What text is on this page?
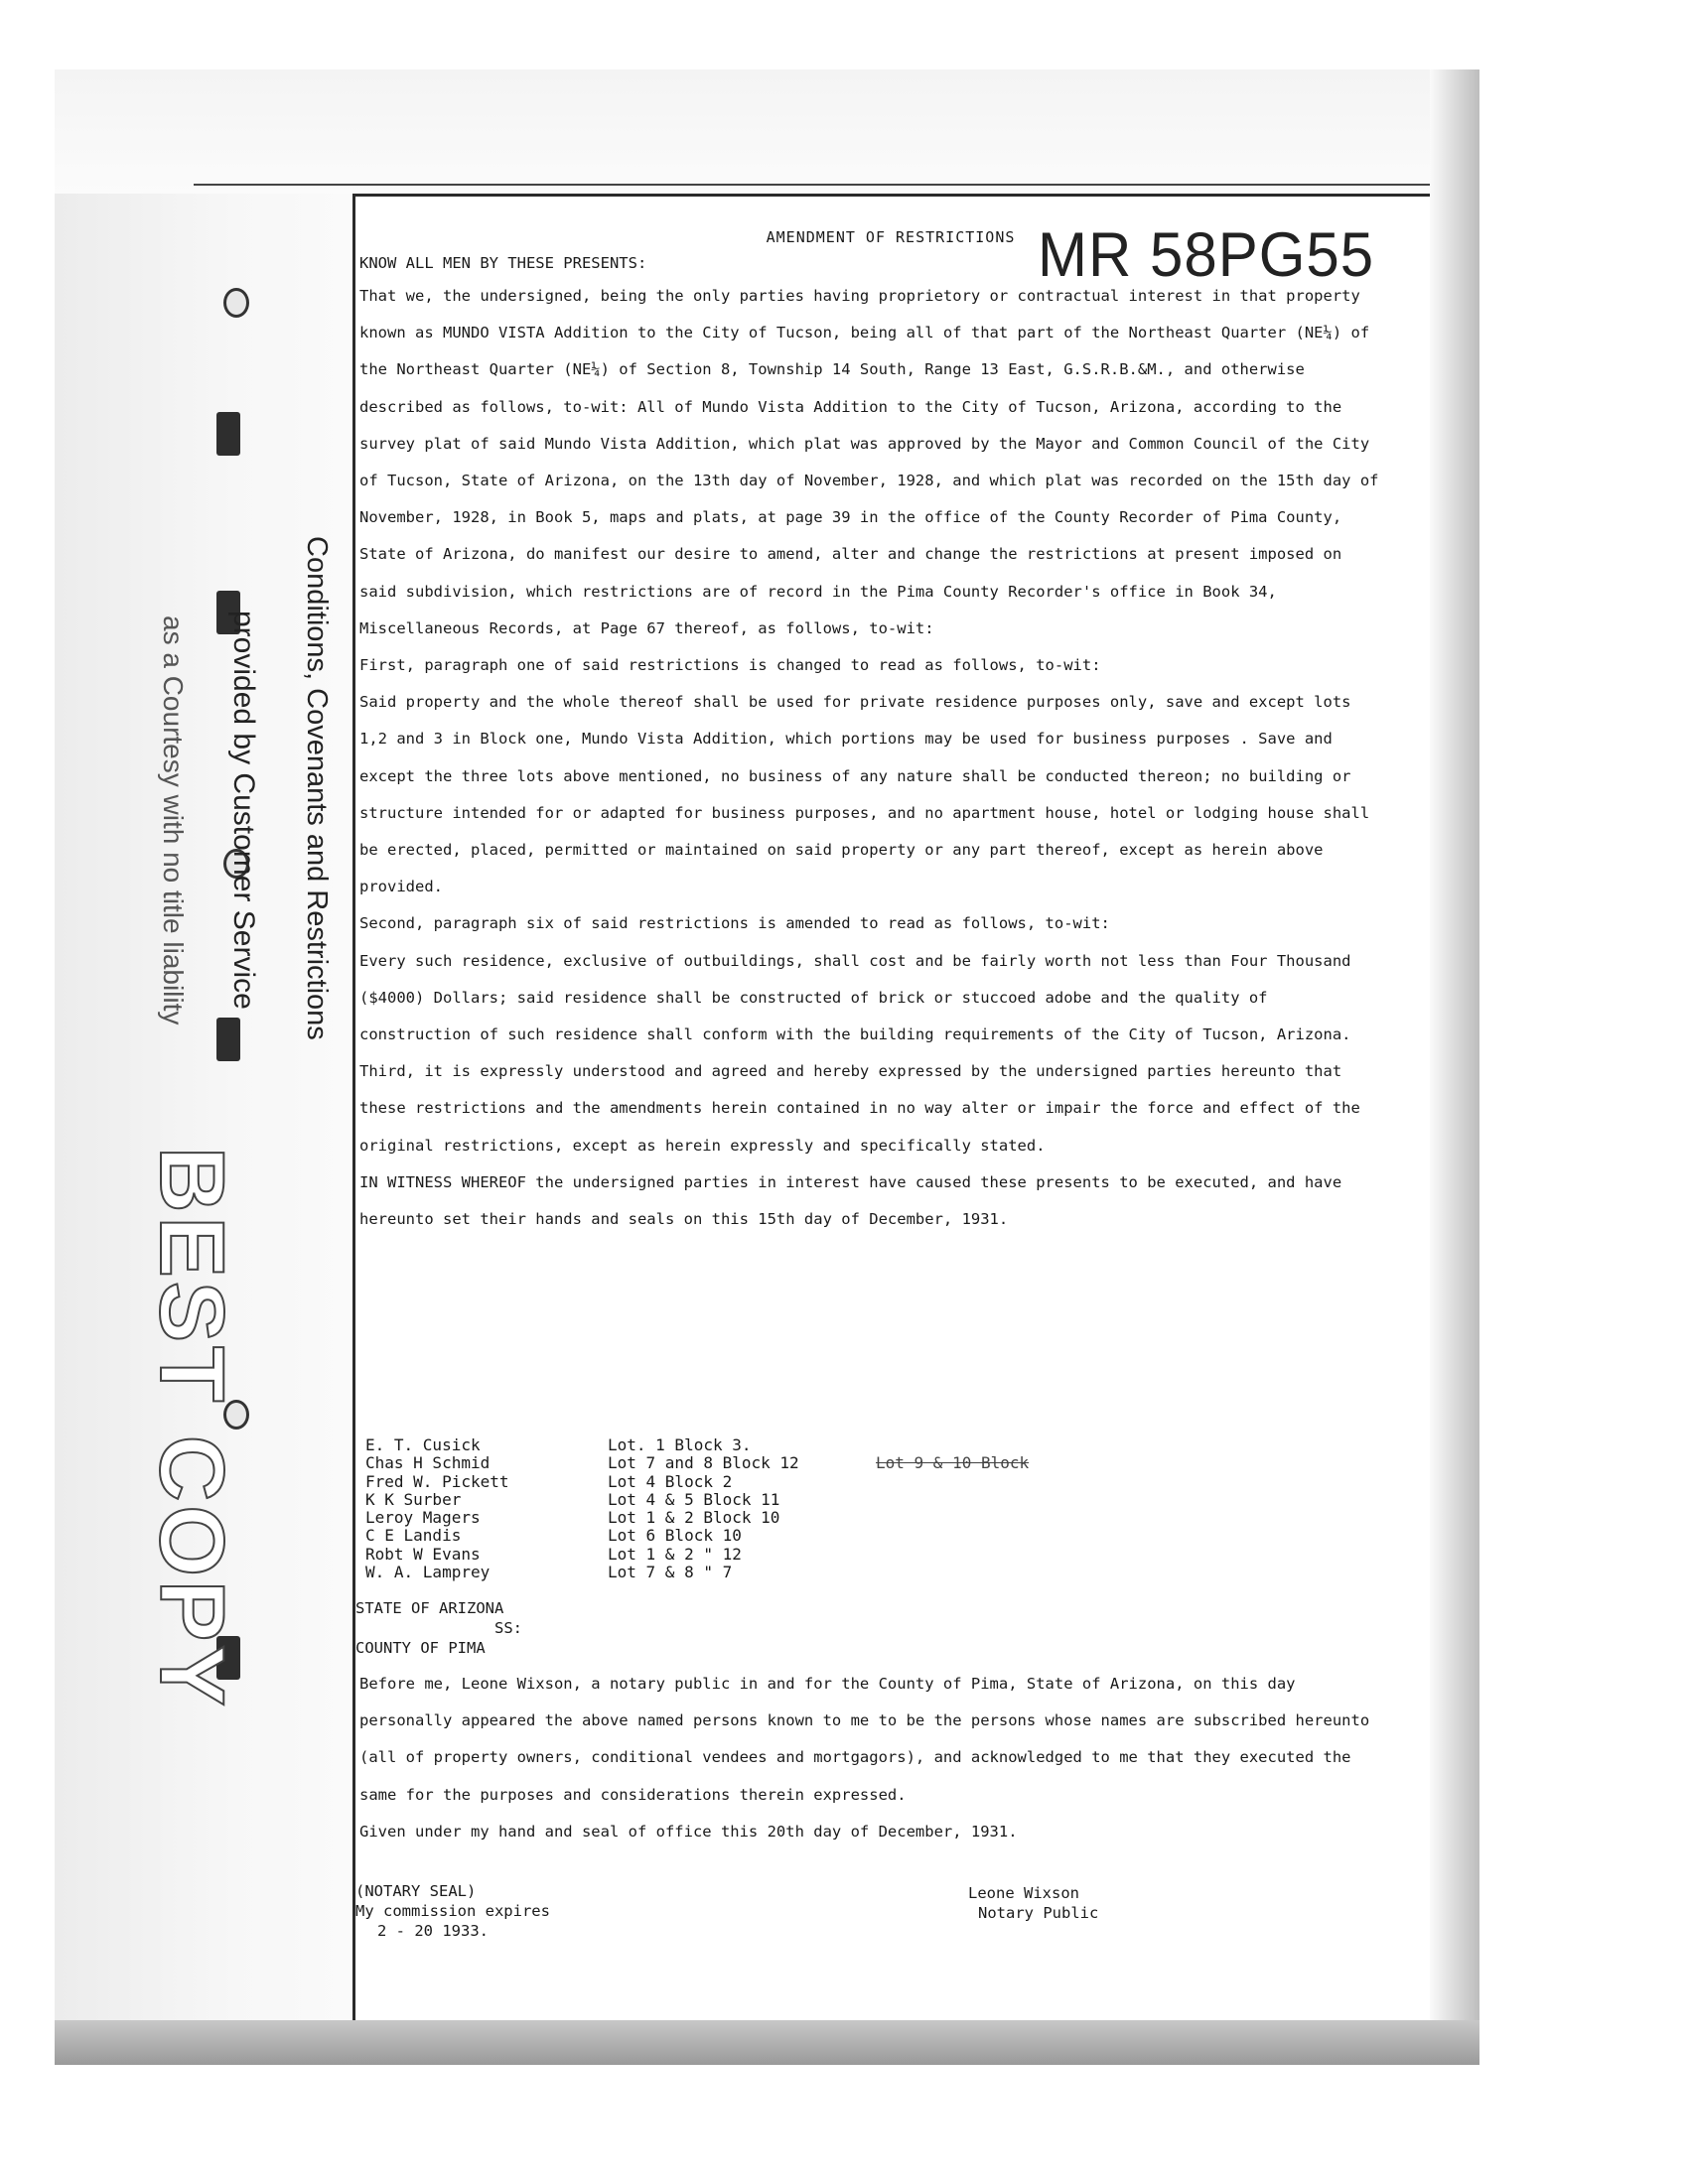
Conditions, Covenants and Restrictions
provided by Customer Service
as a Courtesy with no title liability
BEST COPY
MR 58PG55
AMENDMENT OF RESTRICTIONS
KNOW ALL MEN BY THESE PRESENTS:

That we, the undersigned, being the only parties having proprietory or contractual interest in that property known as MUNDO VISTA Addition to the City of Tucson, being all of that part of the Northeast Quarter (NE¼) of the Northeast Quarter (NE¼) of Section 8, Township 14 South, Range 13 East, G.S.R.B.&M., and otherwise described as follows, to-wit: All of Mundo Vista Addition to the City of Tucson, Arizona, according to the survey plat of said Mundo Vista Addition, which plat was approved by the Mayor and Common Council of the City of Tucson, State of Arizona, on the 13th day of November, 1928, and which plat was recorded on the 15th day of November, 1928, in Book 5, maps and plats, at page 39 in the office of the County Recorder of Pima County, State of Arizona, do manifest our desire to amend, alter and change the restrictions at present imposed on said subdivision, which restrictions are of record in the Pima County Recorder's office in Book 34, Miscellaneous Records, at Page 67 thereof, as follows, to-wit:

First, paragraph one of said restrictions is changed to read as follows, to-wit:

Said property and the whole thereof shall be used for private residence purposes only, save and except lots 1,2 and 3 in Block one, Mundo Vista Addition, which portions may be used for business purposes . Save and except the three lots above mentioned, no business of any nature shall be conducted thereon; no building or structure intended for or adapted for business purposes, and no apartment house, hotel or lodging house shall be erected, placed, permitted or maintained on said property or any part thereof, except as herein above provided.

Second, paragraph six of said restrictions is amended to read as follows, to-wit:

Every such residence, exclusive of outbuildings, shall cost and be fairly worth not less than Four Thousand ($4000) Dollars; said residence shall be constructed of brick or stuccoed adobe and the quality of construction of such residence shall conform with the building requirements of the City of Tucson, Arizona.

Third, it is expressly understood and agreed and hereby expressed by the undersigned parties hereunto that these restrictions and the amendments herein contained in no way alter or impair the force and effect of the original restrictions, except as herein expressly and specifically stated.

IN WITNESS WHEREOF the undersigned parties in interest have caused these presents to be executed, and have hereunto set their hands and seals on this 15th day of December, 1931.

E. T. Cusick	Lot. 1 Block 3.
Chas H Schmid	Lot 7 and 8 Block 12	Lot 9 & 10 Block
Fred W. Pickett	Lot 4 Block 2
K K Surber	Lot 4 & 5 Block 11
Leroy Magers	Lot 1 & 2 Block 10
C E Landis	Lot 6 Block 10
Robt W Evans	Lot 1 & 2 " 12
W. A. Lamprey	Lot 7 & 8 " 7
STATE OF ARIZONA
SS:
COUNTY OF PIMA

Before me, Leone Wixson, a notary public in and for the County of Pima, State of Arizona, on this day personally appeared the above named persons known to me to be the persons whose names are subscribed hereunto (all of property owners, conditional vendees and mortgagors), and acknowledged to me that they executed the same for the purposes and considerations therein expressed.

Given under my hand and seal of office this 20th day of December, 1931.

(NOTARY SEAL)
My commission expires
2 - 20 1933.
Leone Wixson
Notary Public
